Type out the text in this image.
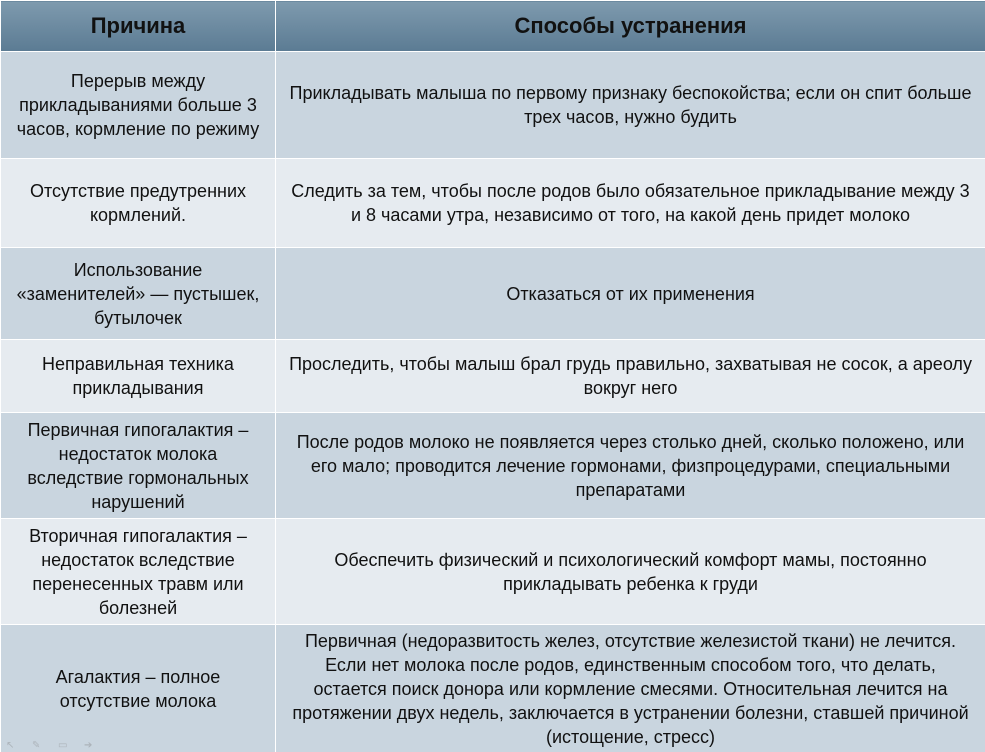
Причина	Способы устранения
Перерыв между прикладываниями больше 3 часов, кормление по режиму	Прикладывать малыша по первому признаку беспокойства; если он спит больше трех часов, нужно будить
Отсутствие предутренних кормлений.	Следить за тем, чтобы после родов было обязательное прикладывание между 3 и 8 часами утра, независимо от того, на какой день придет молоко
Использование «заменителей» — пустышек, бутылочек	Отказаться от их применения
Неправильная техника прикладывания	Проследить, чтобы малыш брал грудь правильно, захватывая не сосок, а ареолу вокруг него
Первичная гипогалактия – недостаток молока вследствие гормональных нарушений	После родов молоко не появляется через столько дней, сколько положено, или его мало; проводится лечение гормонами, физпроцедурами, специальными препаратами
Вторичная гипогалактия – недостаток вследствие перенесенных травм или болезней	Обеспечить физический и психологический комфорт мамы, постоянно прикладывать ребенка к груди
Агалактия – полное отсутствие молока	Первичная (недоразвитость желез, отсутствие железистой ткани) не лечится. Если нет молока после родов, единственным способом того, что делать, остается поиск донора или кормление смесями. Относительная лечится на протяжении двух недель, заключается в устранении болезни, ставшей причиной (истощение, стресс)
↖	✎	▭	➔
